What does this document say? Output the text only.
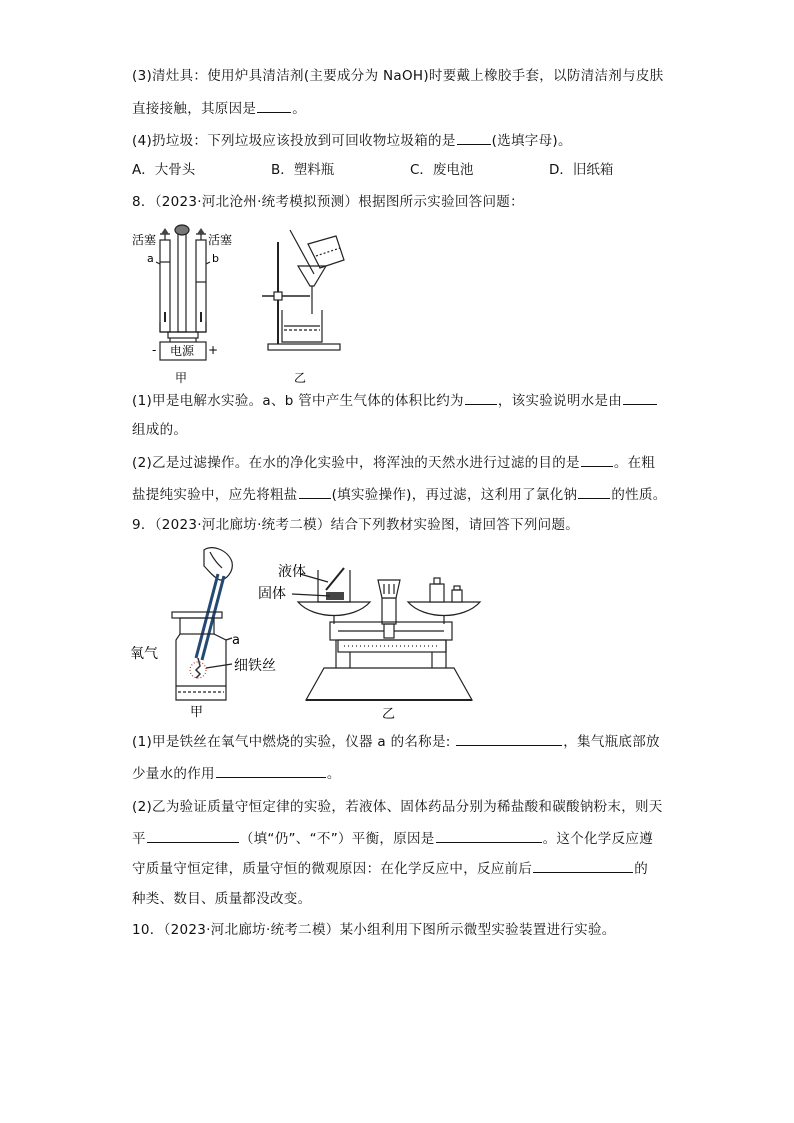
(3)清灶具：使用炉具清洁剂(主要成分为 NaOH)时要戴上橡胶手套，以防清洁剂与皮肤
直接接触，其原因是	。
(4)扔垃圾：下列垃圾应该投放到可回收物垃圾箱的是	(选填字母)。
A．大骨头	B．塑料瓶	C．废电池	D．旧纸箱
8．（2023·河北沧州·统考模拟预测）根据图所示实验回答问题：
活塞	活塞
a	b
电源
-	+
甲	乙
(1)甲是电解水实验。a、b 管中产生气体的体积比约为	，该实验说明水是由
组成的。
(2)乙是过滤操作。在水的净化实验中，将浑浊的天然水进行过滤的目的是	。在粗
盐提纯实验中，应先将粗盐	(填实验操作)，再过滤，这利用了氯化钠	的性质。
9．（2023·河北廊坊·统考二模）结合下列教材实验图，请回答下列问题。
氧气
a
细铁丝
甲
液体
固体
乙
(1)甲是铁丝在氧气中燃烧的实验，仪器 a 的名称是:	，集气瓶底部放
少量水的作用	。
(2)乙为验证质量守恒定律的实验，若液体、固体药品分别为稀盐酸和碳酸钠粉末，则天
平	（填“仍”、“不”）平衡，原因是	。这个化学反应遵
守质量守恒定律，质量守恒的微观原因：在化学反应中，反应前后	的
种类、数目、质量都没改变。
10．（2023·河北廊坊·统考二模）某小组利用下图所示微型实验装置进行实验。
